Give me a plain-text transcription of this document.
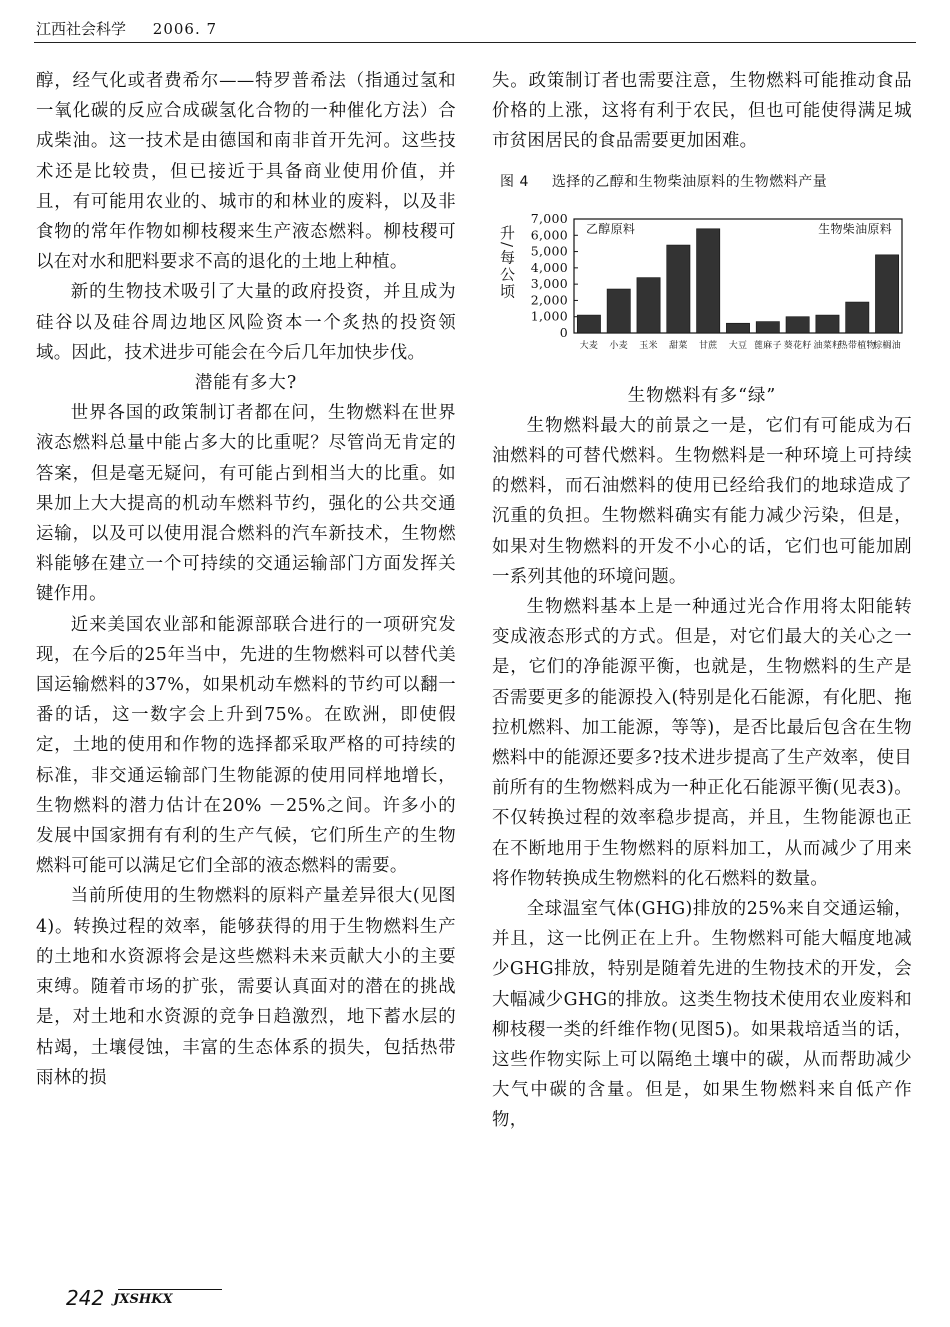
江西社会科学 2006. 7

醇，经气化或者费希尔——特罗普希法（指通过氢和一氧化碳的反应合成碳氢化合物的一种催化方法）合成柴油。这一技术是由德国和南非首开先河。这些技术还是比较贵，但已接近于具备商业使用价值，并且，有可能用农业的、城市的和林业的废料，以及非食物的常年作物如柳枝稷来生产液态燃料。柳枝稷可以在对水和肥料要求不高的退化的土地上种植。

新的生物技术吸引了大量的政府投资，并且成为硅谷以及硅谷周边地区风险资本一个炙热的投资领域。因此，技术进步可能会在今后几年加快步伐。

潜能有多大?

世界各国的政策制订者都在问，生物燃料在世界液态燃料总量中能占多大的比重呢？尽管尚无肯定的答案，但是毫无疑问，有可能占到相当大的比重。如果加上大大提高的机动车燃料节约，强化的公共交通运输，以及可以使用混合燃料的汽车新技术，生物燃料能够在建立一个可持续的交通运输部门方面发挥关键作用。

近来美国农业部和能源部联合进行的一项研究发现，在今后的25年当中，先进的生物燃料可以替代美国运输燃料的37%，如果机动车燃料的节约可以翻一番的话，这一数字会上升到75%。在欧洲，即使假定，土地的使用和作物的选择都采取严格的可持续的标准，非交通运输部门生物能源的使用同样地增长，生物燃料的潜力估计在20% －25%之间。许多小的发展中国家拥有有利的生产气候，它们所生产的生物燃料可能可以满足它们全部的液态燃料的需要。

当前所使用的生物燃料的原料产量差异很大(见图4)。转换过程的效率，能够获得的用于生物燃料生产的土地和水资源将会是这些燃料未来贡献大小的主要束缚。随着市场的扩张，需要认真面对的潜在的挑战是，对土地和水资源的竞争日趋激烈，地下蓄水层的枯竭，土壤侵蚀，丰富的生态体系的损失，包括热带雨林的损

失。政策制订者也需要注意，生物燃料可能推动食品价格的上涨，这将有利于农民，但也可能使得满足城市贫困居民的食品需要更加困难。

图 4 选择的乙醇和生物柴油原料的生物燃料产量
升/每公顷
0
1,000
2,000
3,000
4,000
5,000
6,000
7,000
大麦 小麦 玉米 甜菜 甘蔗 大豆 蓖麻子 葵花籽 油菜籽
热带植物
棕榈油
乙醇原料	生物柴油原料
生物燃料有多“绿”

生物燃料最大的前景之一是，它们有可能成为石油燃料的可替代燃料。生物燃料是一种环境上可持续的燃料，而石油燃料的使用已经给我们的地球造成了沉重的负担。生物燃料确实有能力减少污染，但是，如果对生物燃料的开发不小心的话，它们也可能加剧一系列其他的环境问题。

生物燃料基本上是一种通过光合作用将太阳能转变成液态形式的方式。但是，对它们最大的关心之一是，它们的净能源平衡，也就是，生物燃料的生产是否需要更多的能源投入(特别是化石能源，有化肥、拖拉机燃料、加工能源，等等)，是否比最后包含在生物燃料中的能源还要多?技术进步提高了生产效率，使目前所有的生物燃料成为一种正化石能源平衡(见表3)。不仅转换过程的效率稳步提高，并且，生物能源也正在不断地用于生物燃料的原料加工，从而减少了用来将作物转换成生物燃料的化石燃料的数量。

全球温室气体(GHG)排放的25%来自交通运输，并且，这一比例正在上升。生物燃料可能大幅度地减少GHG排放，特别是随着先进的生物技术的开发，会大幅减少GHG的排放。这类生物技术使用农业废料和柳枝稷一类的纤维作物(见图5)。如果栽培适当的话，这些作物实际上可以隔绝土壤中的碳，从而帮助减少大气中碳的含量。但是，如果生物燃料来自低产作物，

242 JXSHKX
